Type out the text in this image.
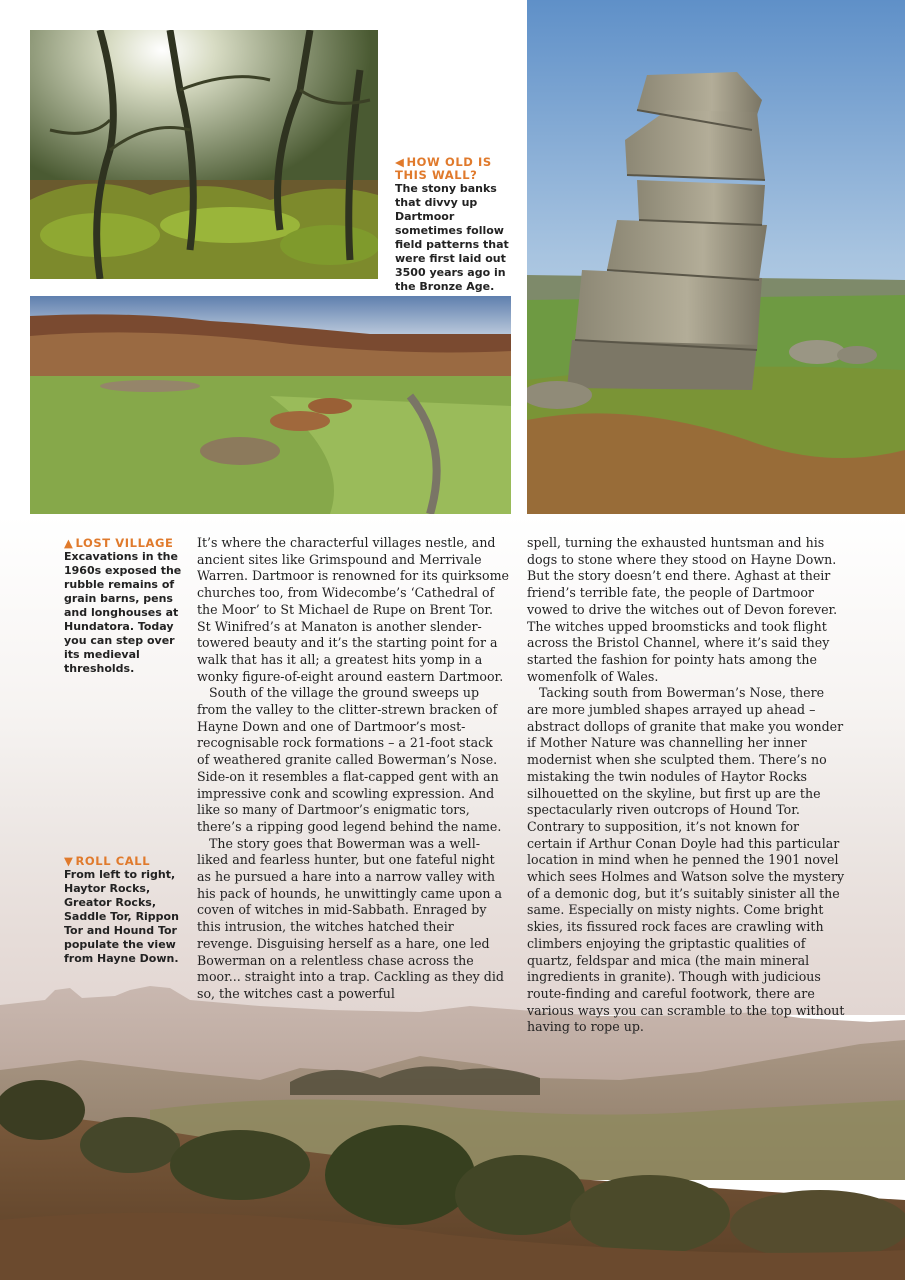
◀ HOW OLD IS THIS WALL?
The stony banks that divvy up Dartmoor sometimes follow field patterns that were first laid out 3500 years ago in the Bronze Age.
▲ LOST VILLAGE
Excavations in the 1960s exposed the rubble remains of grain barns, pens and longhouses at Hundatora. Today you can step over its medieval thresholds.
▼ ROLL CALL
From left to right, Haytor Rocks, Greator Rocks, Saddle Tor, Rippon Tor and Hound Tor populate the view from Hayne Down.

It’s where the characterful villages nestle, and ancient sites like Grimspound and Merrivale Warren. Dartmoor is renowned for its quirksome churches too, from Widecombe’s ‘Cathedral of the Moor’ to St Michael de Rupe on Brent Tor. St Winifred’s at Manaton is another slender-towered beauty and it’s the starting point for a walk that has it all; a greatest hits yomp in a wonky figure-of-eight around eastern Dartmoor.

South of the village the ground sweeps up from the valley to the clitter-strewn bracken of Hayne Down and one of Dartmoor’s most-recognisable rock formations – a 21-foot stack of weathered granite called Bowerman’s Nose. Side-on it resembles a flat-capped gent with an impressive conk and scowling expression. And like so many of Dartmoor’s enigmatic tors, there’s a ripping good legend behind the name.

The story goes that Bowerman was a well-liked and fearless hunter, but one fateful night as he pursued a hare into a narrow valley with his pack of hounds, he unwittingly came upon a coven of witches in mid-Sabbath. Enraged by this intrusion, the witches hatched their revenge. Disguising herself as a hare, one led Bowerman on a relentless chase across the moor... straight into a trap. Cackling as they did so, the witches cast a powerful

spell, turning the exhausted huntsman and his dogs to stone where they stood on Hayne Down. But the story doesn’t end there. Aghast at their friend’s terrible fate, the people of Dartmoor vowed to drive the witches out of Devon forever. The witches upped broomsticks and took flight across the Bristol Channel, where it’s said they started the fashion for pointy hats among the womenfolk of Wales.

Tacking south from Bowerman’s Nose, there are more jumbled shapes arrayed up ahead – abstract dollops of granite that make you wonder if Mother Nature was channelling her inner modernist when she sculpted them. There’s no mistaking the twin nodules of Haytor Rocks silhouetted on the skyline, but first up are the spectacularly riven outcrops of Hound Tor. Contrary to supposition, it’s not known for certain if Arthur Conan Doyle had this particular location in mind when he penned the 1901 novel which sees Holmes and Watson solve the mystery of a demonic dog, but it’s suitably sinister all the same. Especially on misty nights. Come bright skies, its fissured rock faces are crawling with climbers enjoying the griptastic qualities of quartz, feldspar and mica (the main mineral ingredients in granite). Though with judicious route-finding and careful footwork, there are various ways you can scramble to the top without having to rope up.
